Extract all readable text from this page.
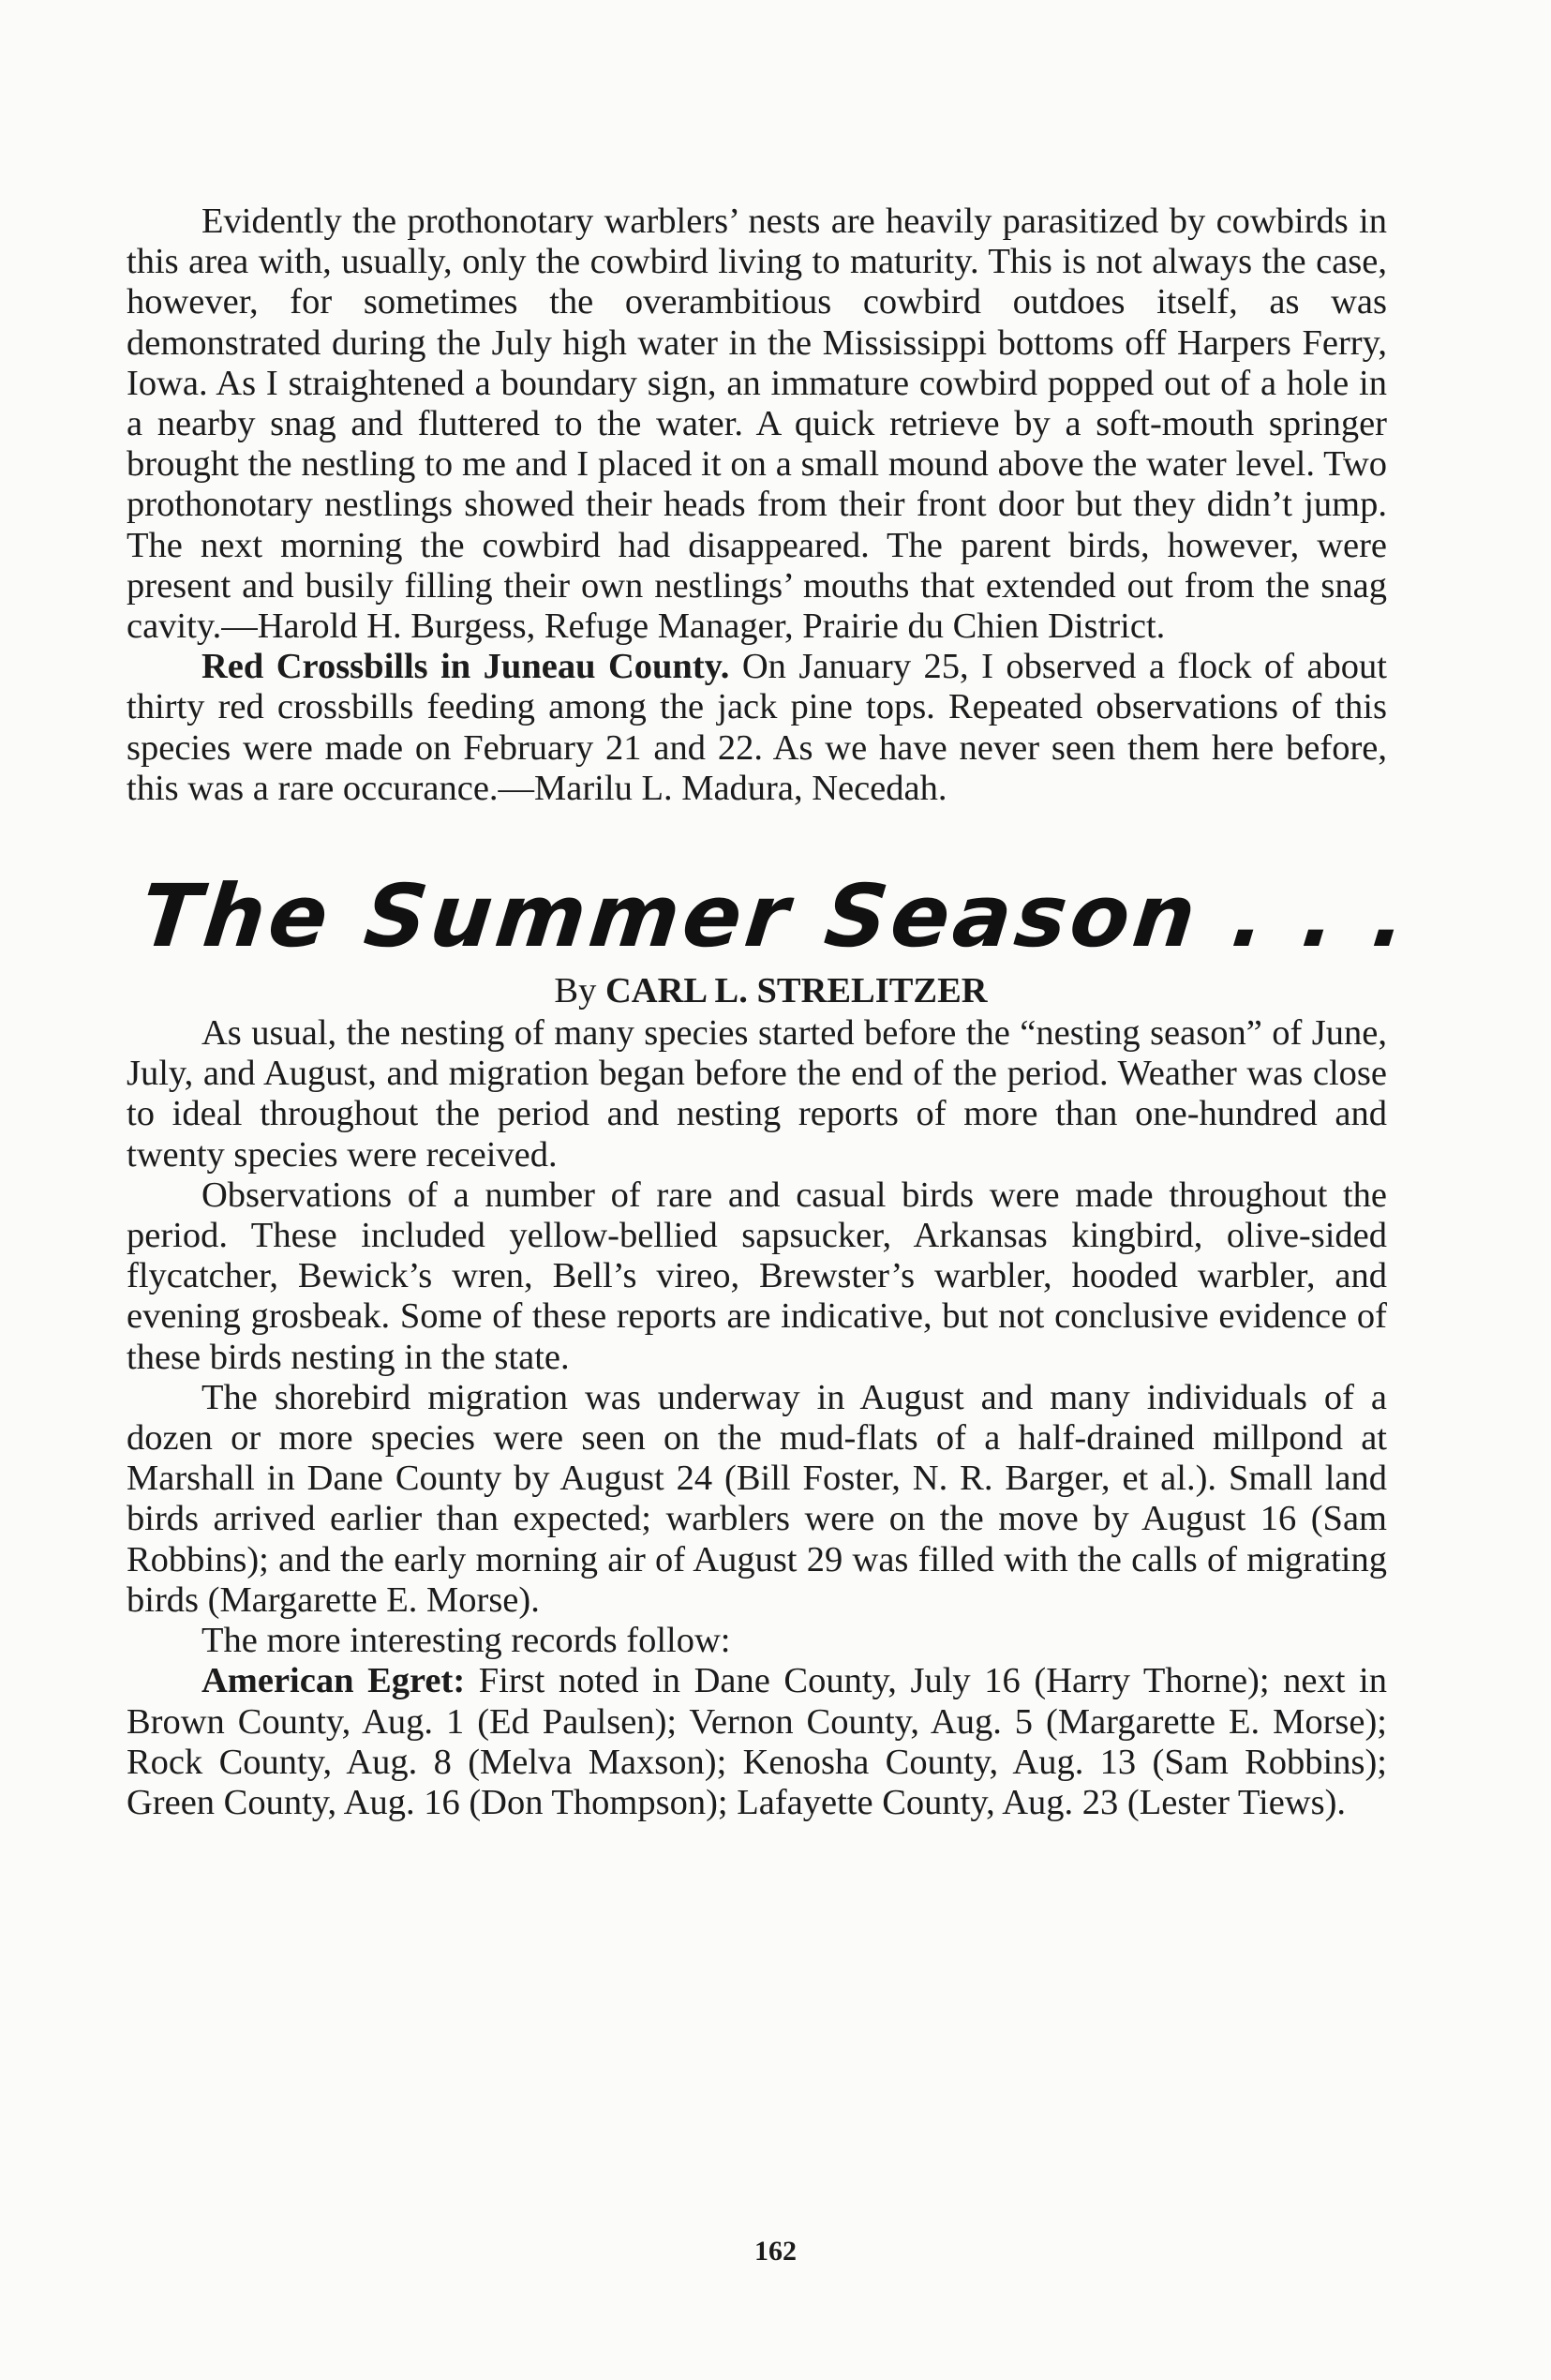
Evidently the prothonotary warblers’ nests are heavily parasitized by cowbirds in this area with, usually, only the cowbird living to maturity. This is not always the case, however, for sometimes the overambitious cowbird outdoes itself, as was demonstrated during the July high water in the Mississippi bottoms off Harpers Ferry, Iowa. As I straightened a boundary sign, an immature cowbird popped out of a hole in a nearby snag and fluttered to the water. A quick retrieve by a soft-mouth springer brought the nestling to me and I placed it on a small mound above the water level. Two prothonotary nestlings showed their heads from their front door but they didn’t jump. The next morning the cowbird had disappeared. The parent birds, however, were present and busily filling their own nestlings’ mouths that extended out from the snag cavity.—Harold H. Burgess, Refuge Manager, Prairie du Chien District.

Red Crossbills in Juneau County. On January 25, I observed a flock of about thirty red crossbills feeding among the jack pine tops. Repeated observations of this species were made on February 21 and 22. As we have never seen them here before, this was a rare occurance.—Marilu L. Madura, Necedah.

The Summer Season . . .
By CARL L. STRELITZER

As usual, the nesting of many species started before the “nesting season” of June, July, and August, and migration began before the end of the period. Weather was close to ideal throughout the period and nesting reports of more than one-hundred and twenty species were received.

Observations of a number of rare and casual birds were made throughout the period. These included yellow-bellied sapsucker, Arkansas kingbird, olive-sided flycatcher, Bewick’s wren, Bell’s vireo, Brewster’s warbler, hooded warbler, and evening grosbeak. Some of these reports are indicative, but not conclusive evidence of these birds nesting in the state.

The shorebird migration was underway in August and many individuals of a dozen or more species were seen on the mud-flats of a half-drained millpond at Marshall in Dane County by August 24 (Bill Foster, N. R. Barger, et al.). Small land birds arrived earlier than expected; warblers were on the move by August 16 (Sam Robbins); and the early morning air of August 29 was filled with the calls of migrating birds (Margarette E. Morse).

The more interesting records follow:

American Egret: First noted in Dane County, July 16 (Harry Thorne); next in Brown County, Aug. 1 (Ed Paulsen); Vernon County, Aug. 5 (Margarette E. Morse); Rock County, Aug. 8 (Melva Maxson); Kenosha County, Aug. 13 (Sam Robbins); Green County, Aug. 16 (Don Thompson); Lafayette County, Aug. 23 (Lester Tiews).

162
